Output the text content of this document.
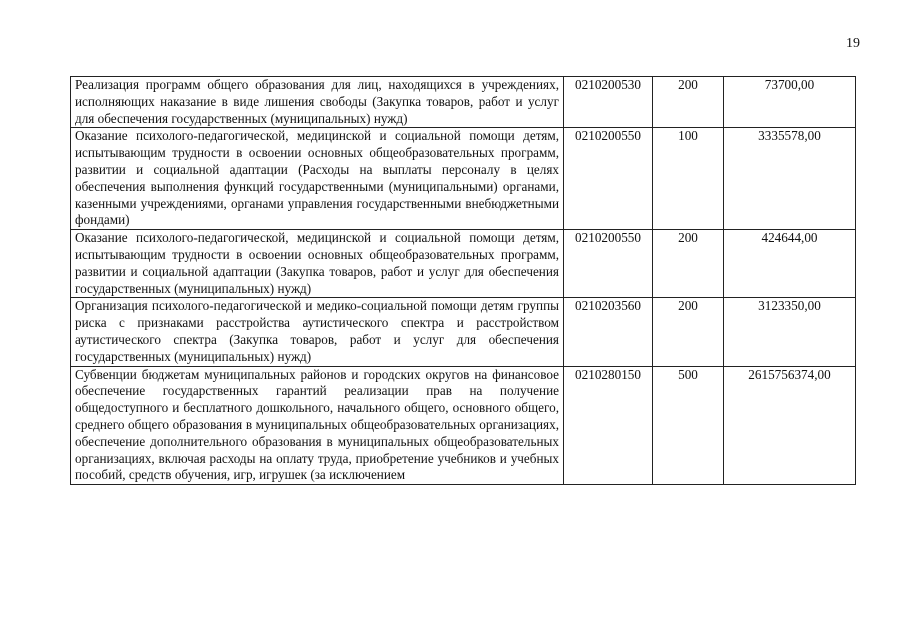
19
Реализация программ общего образования для лиц, находящихся в учреждениях, исполняющих наказание в виде лишения свободы (Закупка товаров, работ и услуг для обеспечения государственных (муниципальных) нужд)	0210200530	200	73700,00
Оказание психолого-педагогической, медицинской и социальной помощи детям, испытывающим трудности в освоении основных общеобразовательных программ, развитии и социальной адаптации (Расходы на выплаты персоналу в целях обеспечения выполнения функций государственными (муниципальными) органами, казенными учреждениями, органами управления государственными внебюджетными фондами)	0210200550	100	3335578,00
Оказание психолого-педагогической, медицинской и социальной помощи детям, испытывающим трудности в освоении основных общеобразовательных программ, развитии и социальной адаптации (Закупка товаров, работ и услуг для обеспечения государственных (муниципальных) нужд)	0210200550	200	424644,00
Организация психолого-педагогической и медико-социальной помощи детям группы риска с признаками расстройства аутистического спектра и расстройством аутистического спектра (Закупка товаров, работ и услуг для обеспечения государственных (муниципальных) нужд)	0210203560	200	3123350,00
Субвенции бюджетам муниципальных районов и городских округов на финансовое обеспечение государственных гарантий реализации прав на получение общедоступного и бесплатного дошкольного, начального общего, основного общего, среднего общего образования в муниципальных общеобразовательных организациях, обеспечение дополнительного образования в муниципальных общеобразовательных организациях, включая расходы на оплату труда, приобретение учебников и учебных пособий, средств обучения, игр, игрушек (за исключением	0210280150	500	2615756374,00
